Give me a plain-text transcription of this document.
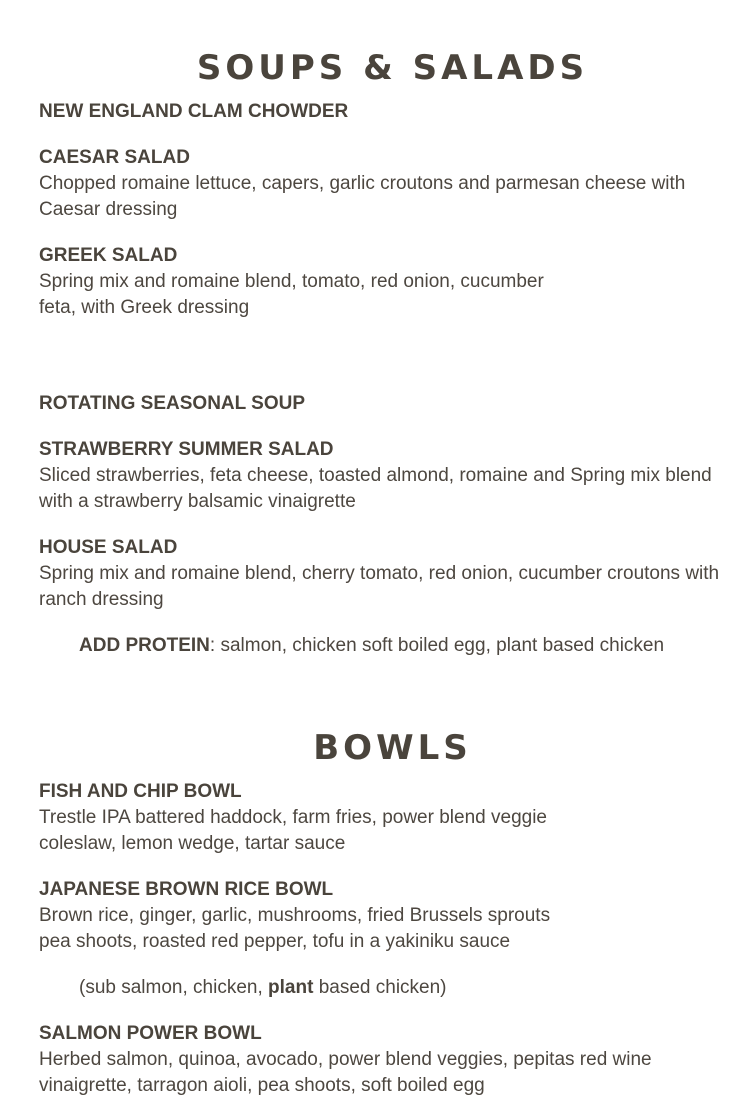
SOUPS & SALADS
NEW ENGLAND CLAM CHOWDER
CAESAR SALAD
Chopped romaine lettuce, capers, garlic croutons and parmesan cheese with Caesar dressing
GREEK SALAD
Spring mix and romaine blend, tomato, red onion, cucumber
feta, with Greek dressing
ROTATING SEASONAL SOUP
STRAWBERRY SUMMER SALAD
Sliced strawberries, feta cheese, toasted almond, romaine and Spring mix blend with a strawberry balsamic vinaigrette
HOUSE SALAD
Spring mix and romaine blend, cherry tomato, red onion, cucumber croutons with ranch dressing

ADD PROTEIN: salmon, chicken soft boiled egg, plant based chicken

BOWLS
FISH AND CHIP BOWL
Trestle IPA battered haddock, farm fries, power blend veggie
coleslaw, lemon wedge, tartar sauce
JAPANESE BROWN RICE BOWL
Brown rice, ginger, garlic, mushrooms, fried Brussels sprouts
pea shoots, roasted red pepper, tofu in a yakiniku sauce

(sub salmon, chicken, plant based chicken)

SALMON POWER BOWL
Herbed salmon, quinoa, avocado, power blend veggies, pepitas red wine vinaigrette, tarragon aioli, pea shoots, soft boiled egg
